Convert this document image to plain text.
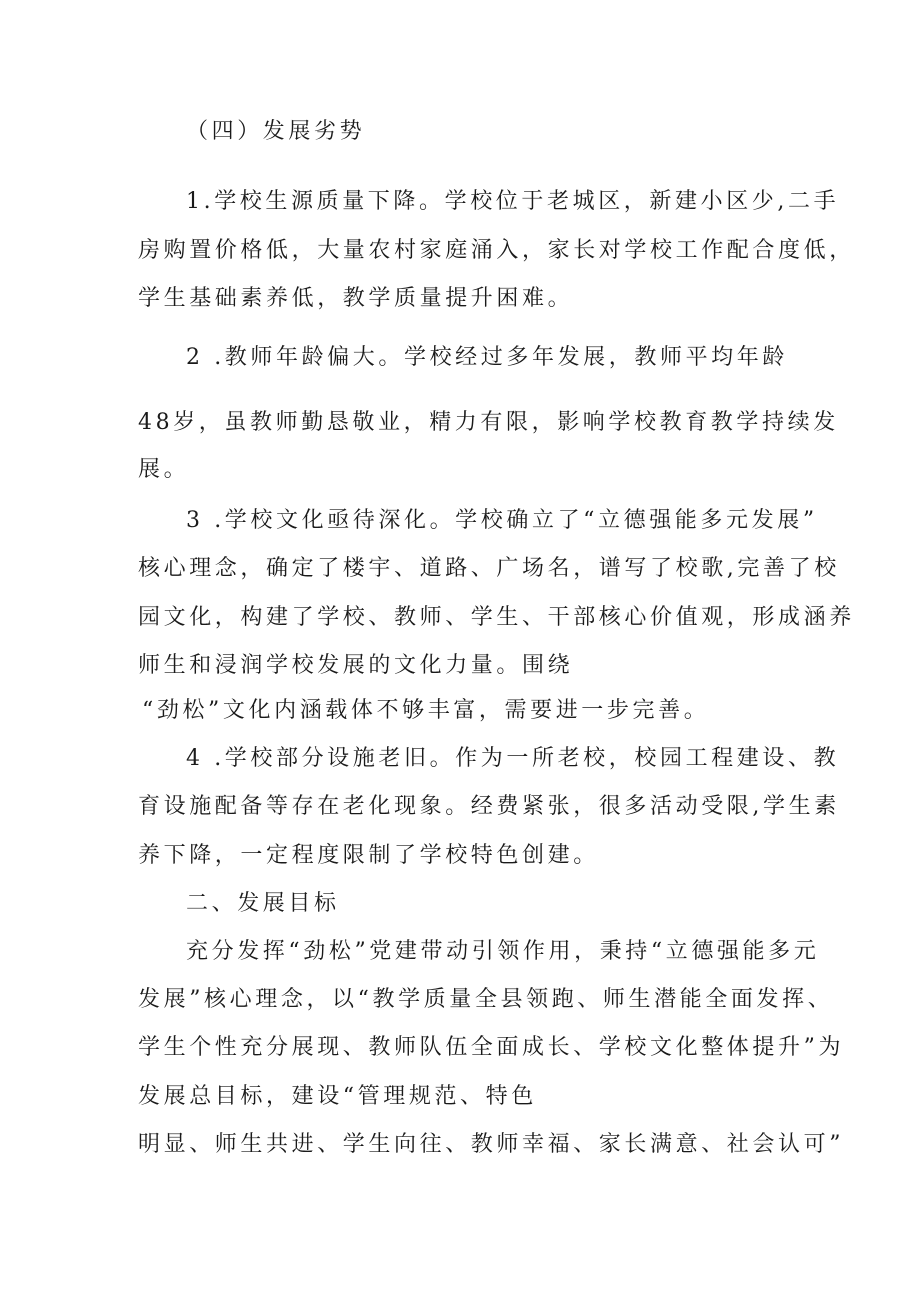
（四）发展劣势
1.学校生源质量下降。学校位于老城区，新建小区少,二手
房购置价格低，大量农村家庭涌入，家长对学校工作配合度低，
学生基础素养低，教学质量提升困难。
2 .教师年龄偏大。学校经过多年发展，教师平均年龄
48岁，虽教师勤恳敬业，精力有限，影响学校教育教学持续发
展。
3 .学校文化亟待深化。学校确立了“立德强能多元发展”
核心理念，确定了楼宇、道路、广场名，谱写了校歌,完善了校
园文化，构建了学校、教师、学生、干部核心价值观，形成涵养
师生和浸润学校发展的文化力量。围绕
“劲松”文化内涵载体不够丰富，需要进一步完善。
4 .学校部分设施老旧。作为一所老校，校园工程建设、教
育设施配备等存在老化现象。经费紧张，很多活动受限,学生素
养下降，一定程度限制了学校特色创建。
二、发展目标
充分发挥“劲松”党建带动引领作用，秉持“立德强能多元
发展”核心理念，以“教学质量全县领跑、师生潜能全面发挥、
学生个性充分展现、教师队伍全面成长、学校文化整体提升”为
发展总目标，建设“管理规范、特色
明显、师生共进、学生向往、教师幸福、家长满意、社会认可”
